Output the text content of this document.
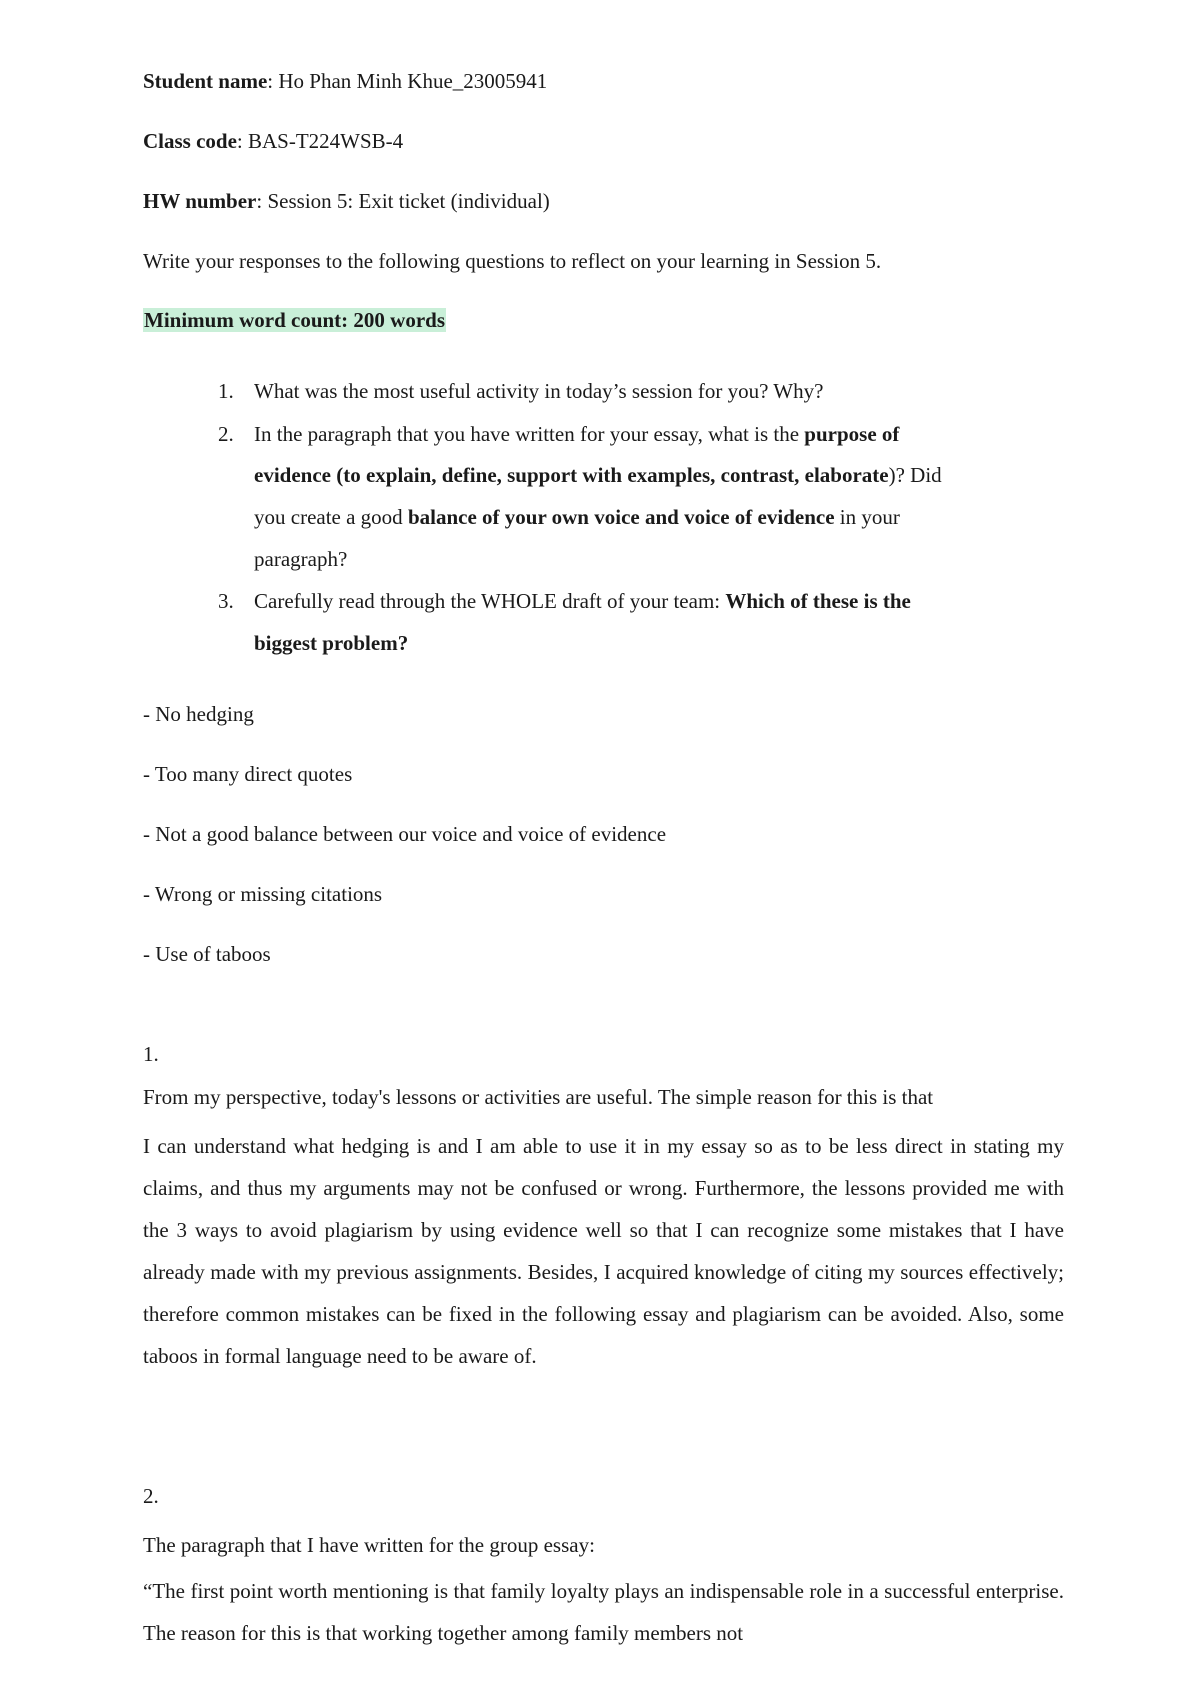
Student name: Ho Phan Minh Khue_23005941
Class code: BAS-T224WSB-4
HW number: Session 5: Exit ticket (individual)
Write your responses to the following questions to reflect on your learning in Session 5.
Minimum word count: 200 words
1. What was the most useful activity in today’s session for you? Why?
2. In the paragraph that you have written for your essay, what is the purpose of
evidence (to explain, define, support with examples, contrast, elaborate)? Did
you create a good balance of your own voice and voice of evidence in your
paragraph?
3. Carefully read through the WHOLE draft of your team: Which of these is the
biggest problem?
- No hedging
- Too many direct quotes
- Not a good balance between our voice and voice of evidence
- Wrong or missing citations
- Use of taboos
1.
From my perspective, today's lessons or activities are useful. The simple reason for this is that
I can understand what hedging is and I am able to use it in my essay so as to be less direct in stating my claims, and thus my arguments may not be confused or wrong. Furthermore, the lessons provided me with the 3 ways to avoid plagiarism by using evidence well so that I can recognize some mistakes that I have already made with my previous assignments. Besides, I acquired knowledge of citing my sources effectively; therefore common mistakes can be fixed in the following essay and plagiarism can be avoided. Also, some taboos in formal language need to be aware of.
2.
The paragraph that I have written for the group essay:
“The first point worth mentioning is that family loyalty plays an indispensable role in a successful enterprise. The reason for this is that working together among family members not
